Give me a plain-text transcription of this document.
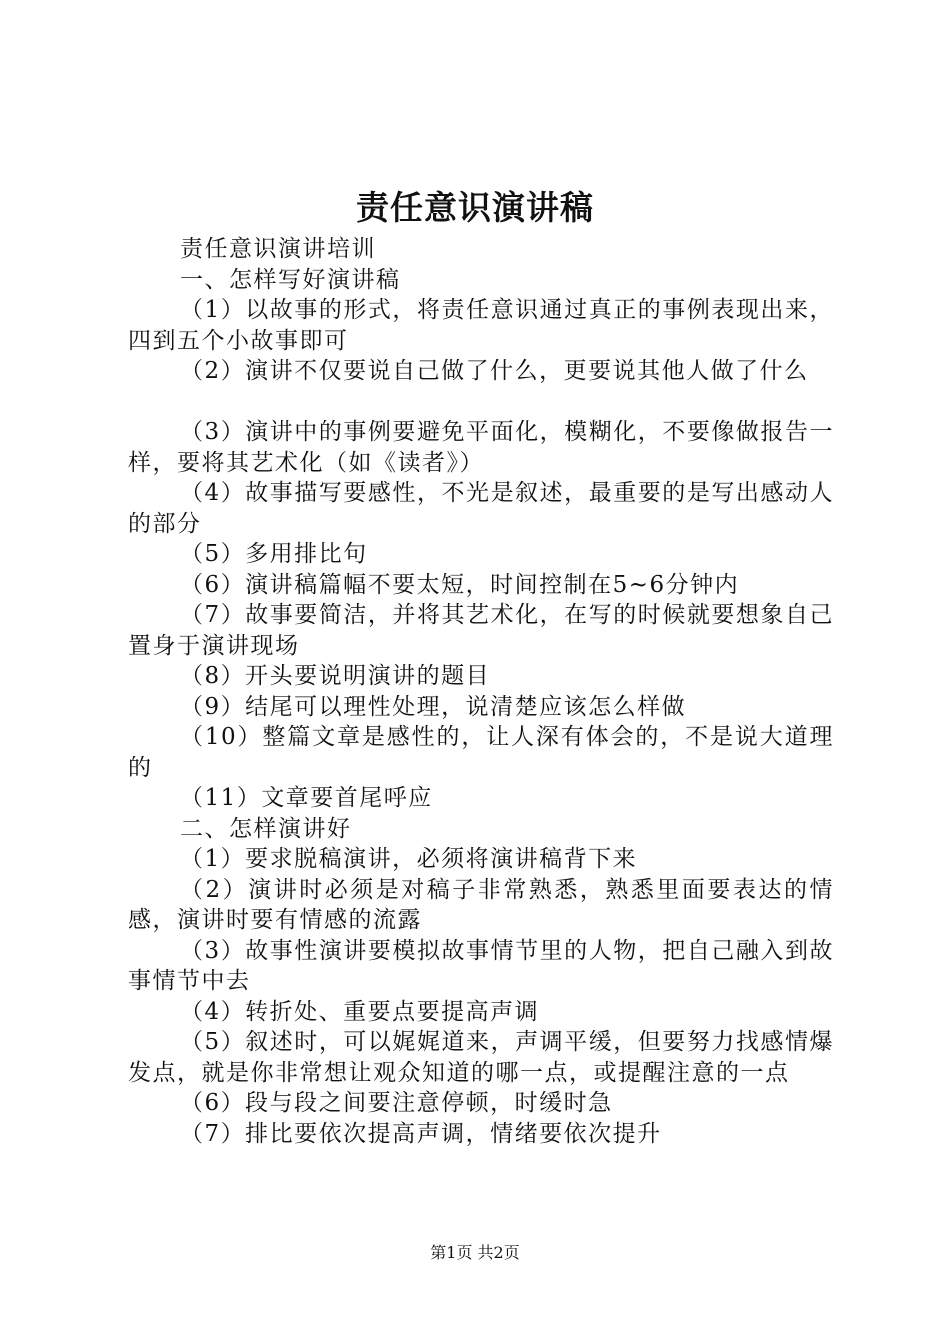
责任意识演讲稿

责任意识演讲培训

一、怎样写好演讲稿

（1）以故事的形式，将责任意识通过真正的事例表现出来，四到五个小故事即可

（2）演讲不仅要说自己做了什么，更要说其他人做了什么

（3）演讲中的事例要避免平面化，模糊化，不要像做报告一样，要将其艺术化（如《读者》）

（4）故事描写要感性，不光是叙述，最重要的是写出感动人的部分

（5）多用排比句

（6）演讲稿篇幅不要太短，时间控制在5~6分钟内

（7）故事要简洁，并将其艺术化，在写的时候就要想象自己置身于演讲现场

（8）开头要说明演讲的题目

（9）结尾可以理性处理，说清楚应该怎么样做

（10）整篇文章是感性的，让人深有体会的，不是说大道理的

（11）文章要首尾呼应

二、怎样演讲好

（1）要求脱稿演讲，必须将演讲稿背下来

（2）演讲时必须是对稿子非常熟悉，熟悉里面要表达的情感，演讲时要有情感的流露

（3）故事性演讲要模拟故事情节里的人物，把自己融入到故事情节中去

（4）转折处、重要点要提高声调

（5）叙述时，可以娓娓道来，声调平缓，但要努力找感情爆发点，就是你非常想让观众知道的哪一点，或提醒注意的一点

（6）段与段之间要注意停顿，时缓时急

（7）排比要依次提高声调，情绪要依次提升

第1页 共2页
